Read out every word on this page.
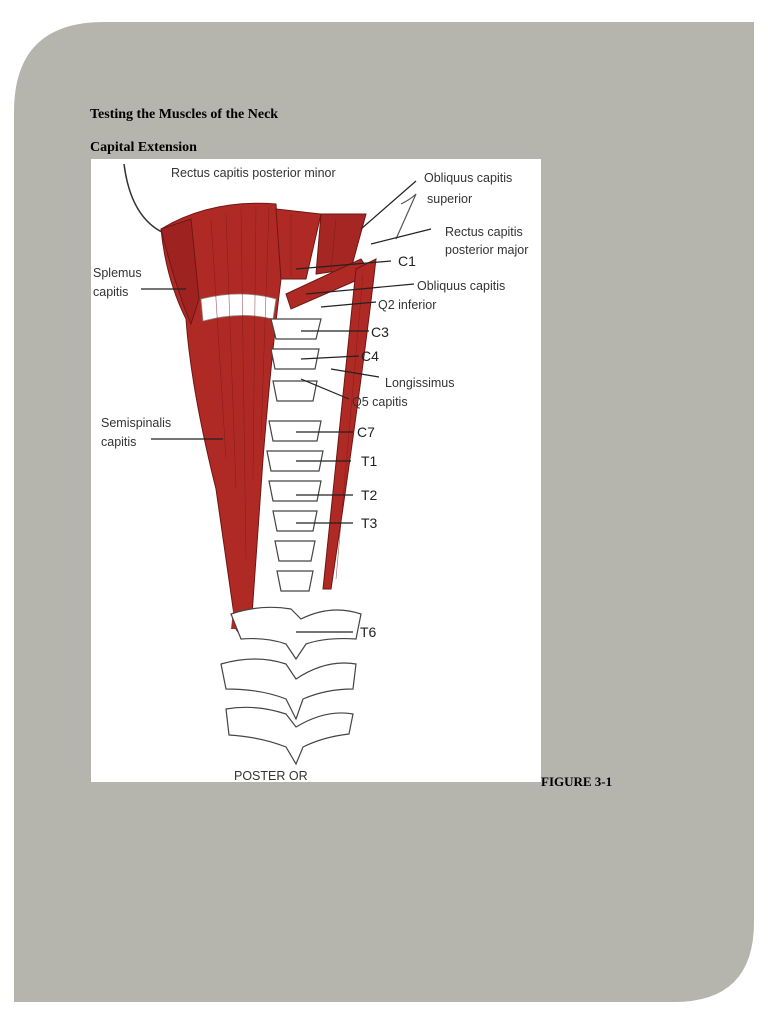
Testing the Muscles of the Neck
Capital Extension
Rectus capitis posterior minor	Obliquus capitis
superior
Rectus capitis
posterior major
C1
Splemus
capitis	Obliquus capitis
Q2 inferior
C3
C4
Longissimus
Q5 capitis
Semispinalis
capitis
C7
T1
T2
T3
T6
POSTER OR	FIGURE 3-1
